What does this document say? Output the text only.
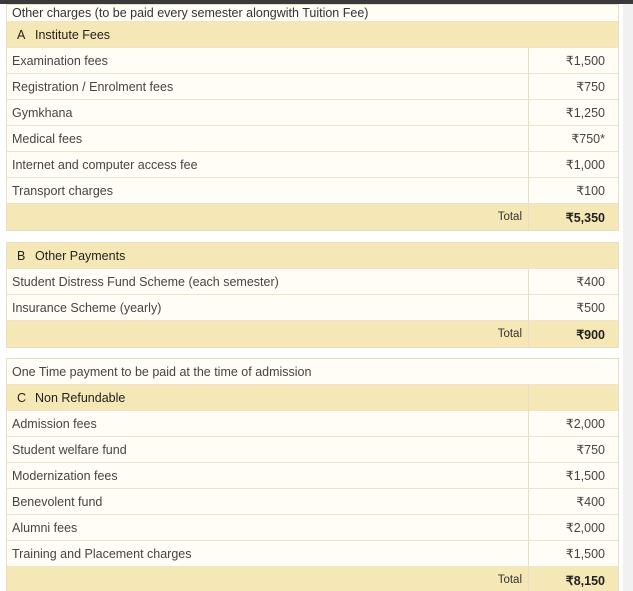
Other charges (to be paid every semester alongwith Tuition Fee)
A Institute Fees
Examination fees	₹1,500
Registration / Enrolment fees	₹750
Gymkhana	₹1,250
Medical fees	₹750*
Internet and computer access fee	₹1,000
Transport charges	₹100
Total	₹5,350
B Other Payments
Student Distress Fund Scheme (each semester)	₹400
Insurance Scheme (yearly)	₹500
Total	₹900
One Time payment to be paid at the time of admission
C Non Refundable
Admission fees	₹2,000
Student welfare fund	₹750
Modernization fees	₹1,500
Benevolent fund	₹400
Alumni fees	₹2,000
Training and Placement charges	₹1,500
Total	₹8,150
